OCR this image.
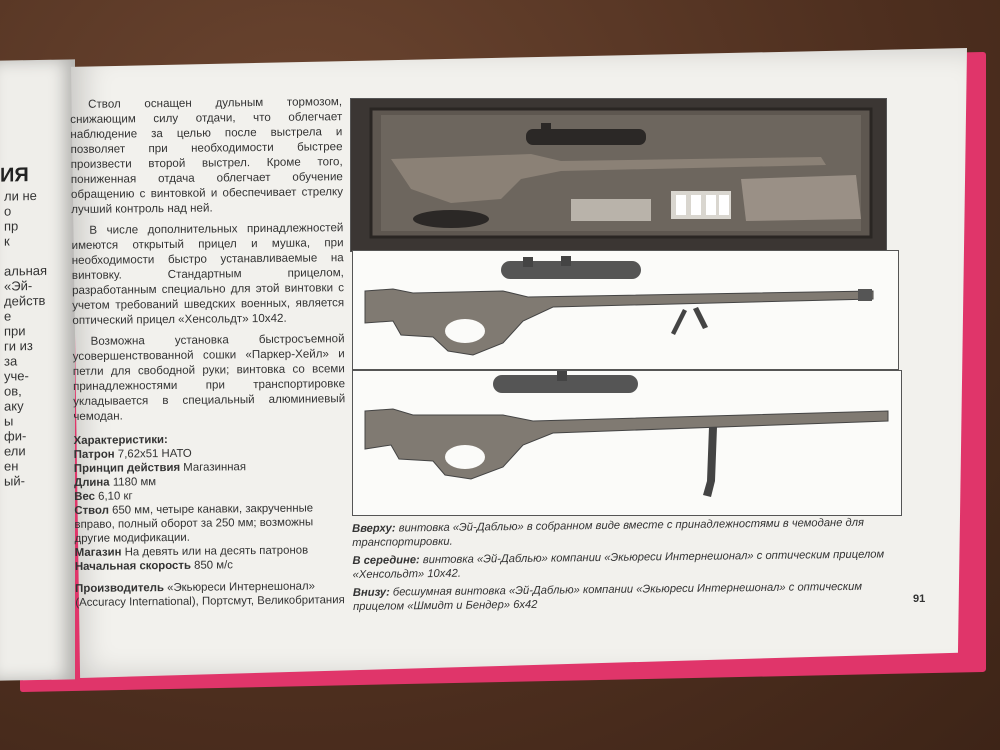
ИЯ
ли не
о
пр
к
альная
«Эй-
действ
е
при
ги из
за
уче-
ов,
аку
ы
фи-
ели
ен
ый-

Ствол оснащен дульным тормозом, снижающим силу отдачи, что облегчает наблюдение за целью после выстрела и позволяет при необходимости быстрее произвести второй выстрел. Кроме того, пониженная отдача облегчает обучение обращению с винтовкой и обеспечивает стрелку лучший контроль над ней.

В числе дополнительных принадлежностей имеются открытый прицел и мушка, при необходимости быстро устанавливаемые на винтовку. Стандартным прицелом, разработанным специально для этой винтовки с учетом требований шведских военных, является оптический прицел «Хенсольдт» 10x42.

Возможна установка быстросъемной усовершенствованной сошки «Паркер-Хейл» и петли для свободной руки; винтовка со всеми принадлежностями при транспортировке укладывается в специальный алюминиевый чемодан.

Характеристики:
Патрон 7,62x51 НАТО
Принцип действия Магазинная
Длина 1180 мм
Вес 6,10 кг
Ствол 650 мм, четыре канавки, закрученные вправо, полный оборот за 250 мм; возможны другие модификации.
Магазин На девять или на десять патронов
Начальная скорость 850 м/с
Производитель «Экьюреси Интернешонал» (Accuracy International), Портсмут, Великобритания
Вверху: винтовка «Эй-Даблью» в собранном виде вместе с принадлежностями в чемодане для транспортировки.
В середине: винтовка «Эй-Даблью» компании «Экьюреси Интернешонал» с оптическим прицелом «Хенсольдт» 10x42.
Внизу: бесшумная винтовка «Эй-Даблью» компании «Экьюреси Интернешонал» с оптическим прицелом «Шмидт и Бендер» 6x42	91
